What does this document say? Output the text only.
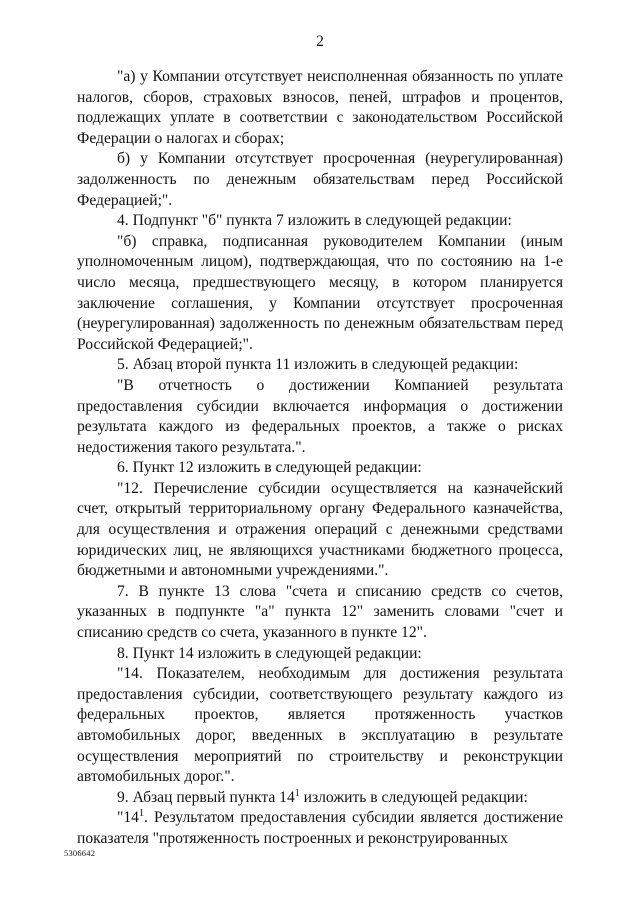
2

"а) у Компании отсутствует неисполненная обязанность по уплате налогов, сборов, страховых взносов, пеней, штрафов и процентов, подлежащих уплате в соответствии с законодательством Российской Федерации о налогах и сборах;

б) у Компании отсутствует просроченная (неурегулированная) задолженность по денежным обязательствам перед Российской Федерацией;".

4. Подпункт "б" пункта 7 изложить в следующей редакции:

"б) справка, подписанная руководителем Компании (иным уполномоченным лицом), подтверждающая, что по состоянию на 1-е число месяца, предшествующего месяцу, в котором планируется заключение соглашения, у Компании отсутствует просроченная (неурегулированная) задолженность по денежным обязательствам перед Российской Федерацией;".

5. Абзац второй пункта 11 изложить в следующей редакции:

"В отчетность о достижении Компанией результата предоставления субсидии включается информация о достижении результата каждого из федеральных проектов, а также о рисках недостижения такого результата.".

6. Пункт 12 изложить в следующей редакции:

"12. Перечисление субсидии осуществляется на казначейский счет, открытый территориальному органу Федерального казначейства, для осуществления и отражения операций с денежными средствами юридических лиц, не являющихся участниками бюджетного процесса, бюджетными и автономными учреждениями.".

7. В пункте 13 слова "счета и списанию средств со счетов, указанных в подпункте "а" пункта 12" заменить словами "счет и списанию средств со счета, указанного в пункте 12".

8. Пункт 14 изложить в следующей редакции:

"14. Показателем, необходимым для достижения результата предоставления субсидии, соответствующего результату каждого из федеральных проектов, является протяженность участков автомобильных дорог, введенных в эксплуатацию в результате осуществления мероприятий по строительству и реконструкции автомобильных дорог.".

9. Абзац первый пункта $14^1$ изложить в следующей редакции:

"$14^1$. Результатом предоставления субсидии является достижение показателя "протяженность построенных и реконструированных

5306642
